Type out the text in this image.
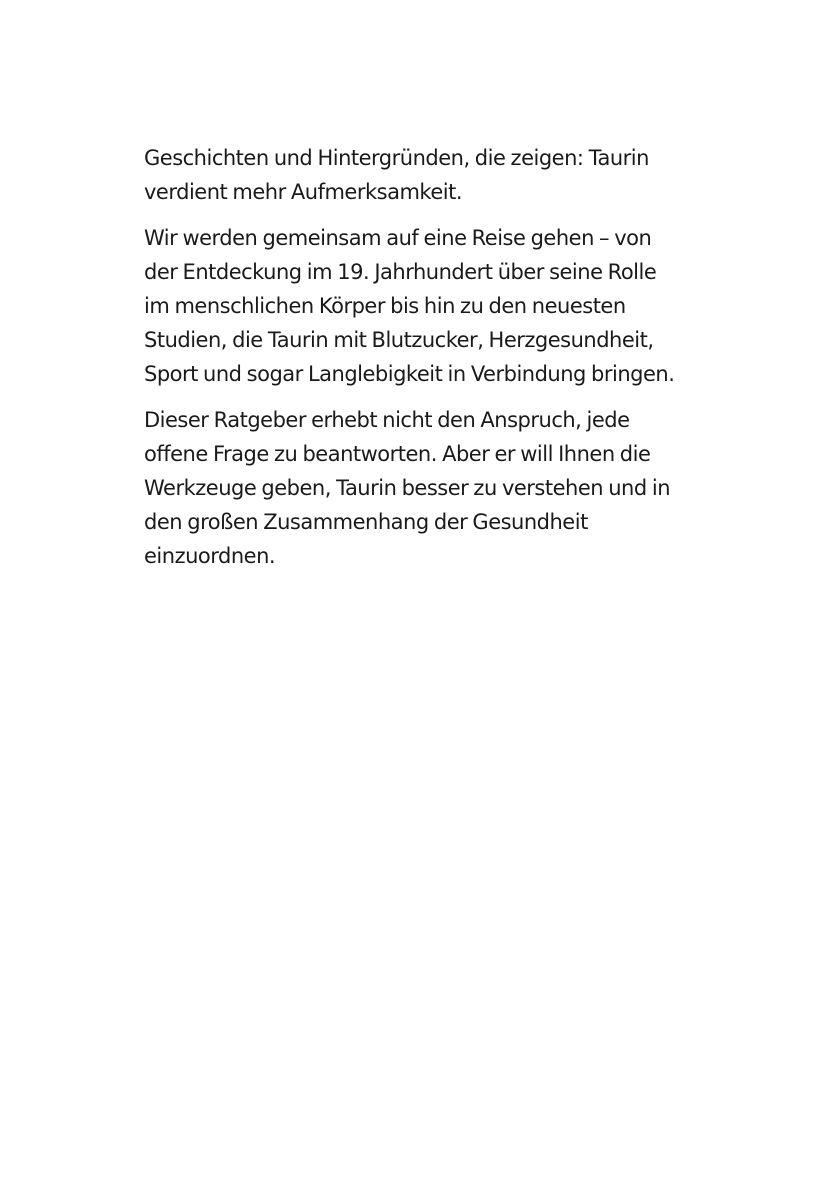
Geschichten und Hintergründen, die zeigen: Taurin
verdient mehr Aufmerksamkeit.

Wir werden gemeinsam auf eine Reise gehen – von
der Entdeckung im 19. Jahrhundert über seine Rolle
im menschlichen Körper bis hin zu den neuesten
Studien, die Taurin mit Blutzucker, Herzgesundheit,
Sport und sogar Langlebigkeit in Verbindung bringen.

Dieser Ratgeber erhebt nicht den Anspruch, jede
offene Frage zu beantworten. Aber er will Ihnen die
Werkzeuge geben, Taurin besser zu verstehen und in
den großen Zusammenhang der Gesundheit
einzuordnen.
